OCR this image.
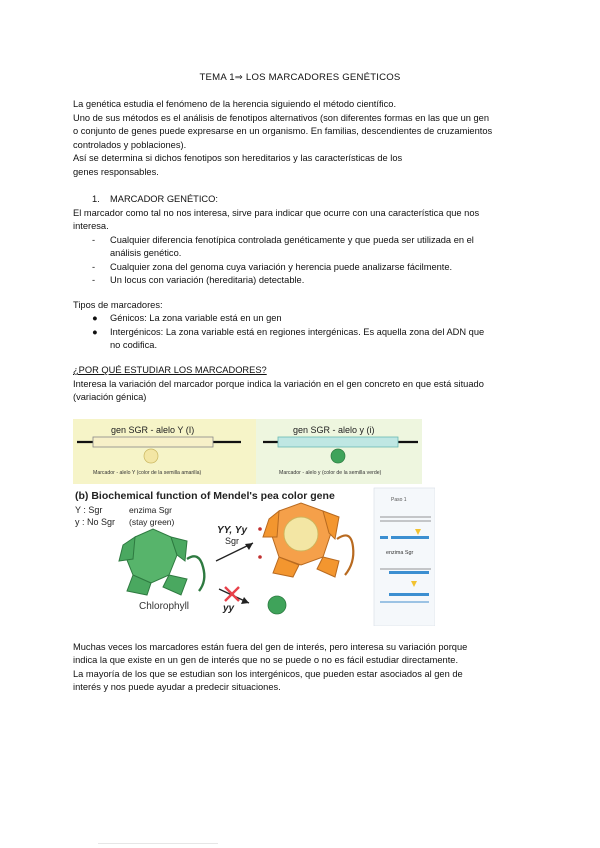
TEMA 1⇒ LOS MARCADORES GENÉTICOS
La genética estudia el fenómeno de la herencia siguiendo el método científico.
Uno de sus métodos es el análisis de fenotipos alternativos (son diferentes formas en las que un gen
o conjunto de genes puede expresarse en un organismo. En familias, descendientes de cruzamientos
controlados y poblaciones).
Así se determina si dichos fenotipos son hereditarios y las características de los
genes responsables.
1. MARCADOR GENÉTICO:
El marcador como tal no nos interesa, sirve para indicar que ocurre con una característica que nos
interesa.
- Cualquier diferencia fenotípica controlada genéticamente y que pueda ser utilizada en el
análisis genético.
- Cualquier zona del genoma cuya variación y herencia puede analizarse fácilmente.
- Un locus con variación (hereditaria) detectable.
Tipos de marcadores:
● Génicos: La zona variable está en un gen
● Intergénicos: La zona variable está en regiones intergénicas. Es aquella zona del ADN que
no codifica.
¿POR QUÉ ESTUDIAR LOS MARCADORES?
Interesa la variación del marcador porque indica la variación en el gen concreto en que está situado
(variación génica)
gen SGR - alelo Y (I)
Marcador - alelo Y (color de la semilla amarilla)
gen SGR - alelo y (i)
Marcador - alelo y (color de la semilla verde)
(b) Biochemical function of Mendel's pea color gene
Y : Sgr	enzima Sgr
y : No Sgr (stay green)
Chlorophyll
YY, Yy
Sgr
yy
Paso 1
enzima Sgr
Muchas veces los marcadores están fuera del gen de interés, pero interesa su variación porque
indica la que existe en un gen de interés que no se puede o no es fácil estudiar directamente.
La mayoría de los que se estudian son los intergénicos, que pueden estar asociados al gen de
interés y nos puede ayudar a predecir situaciones.
